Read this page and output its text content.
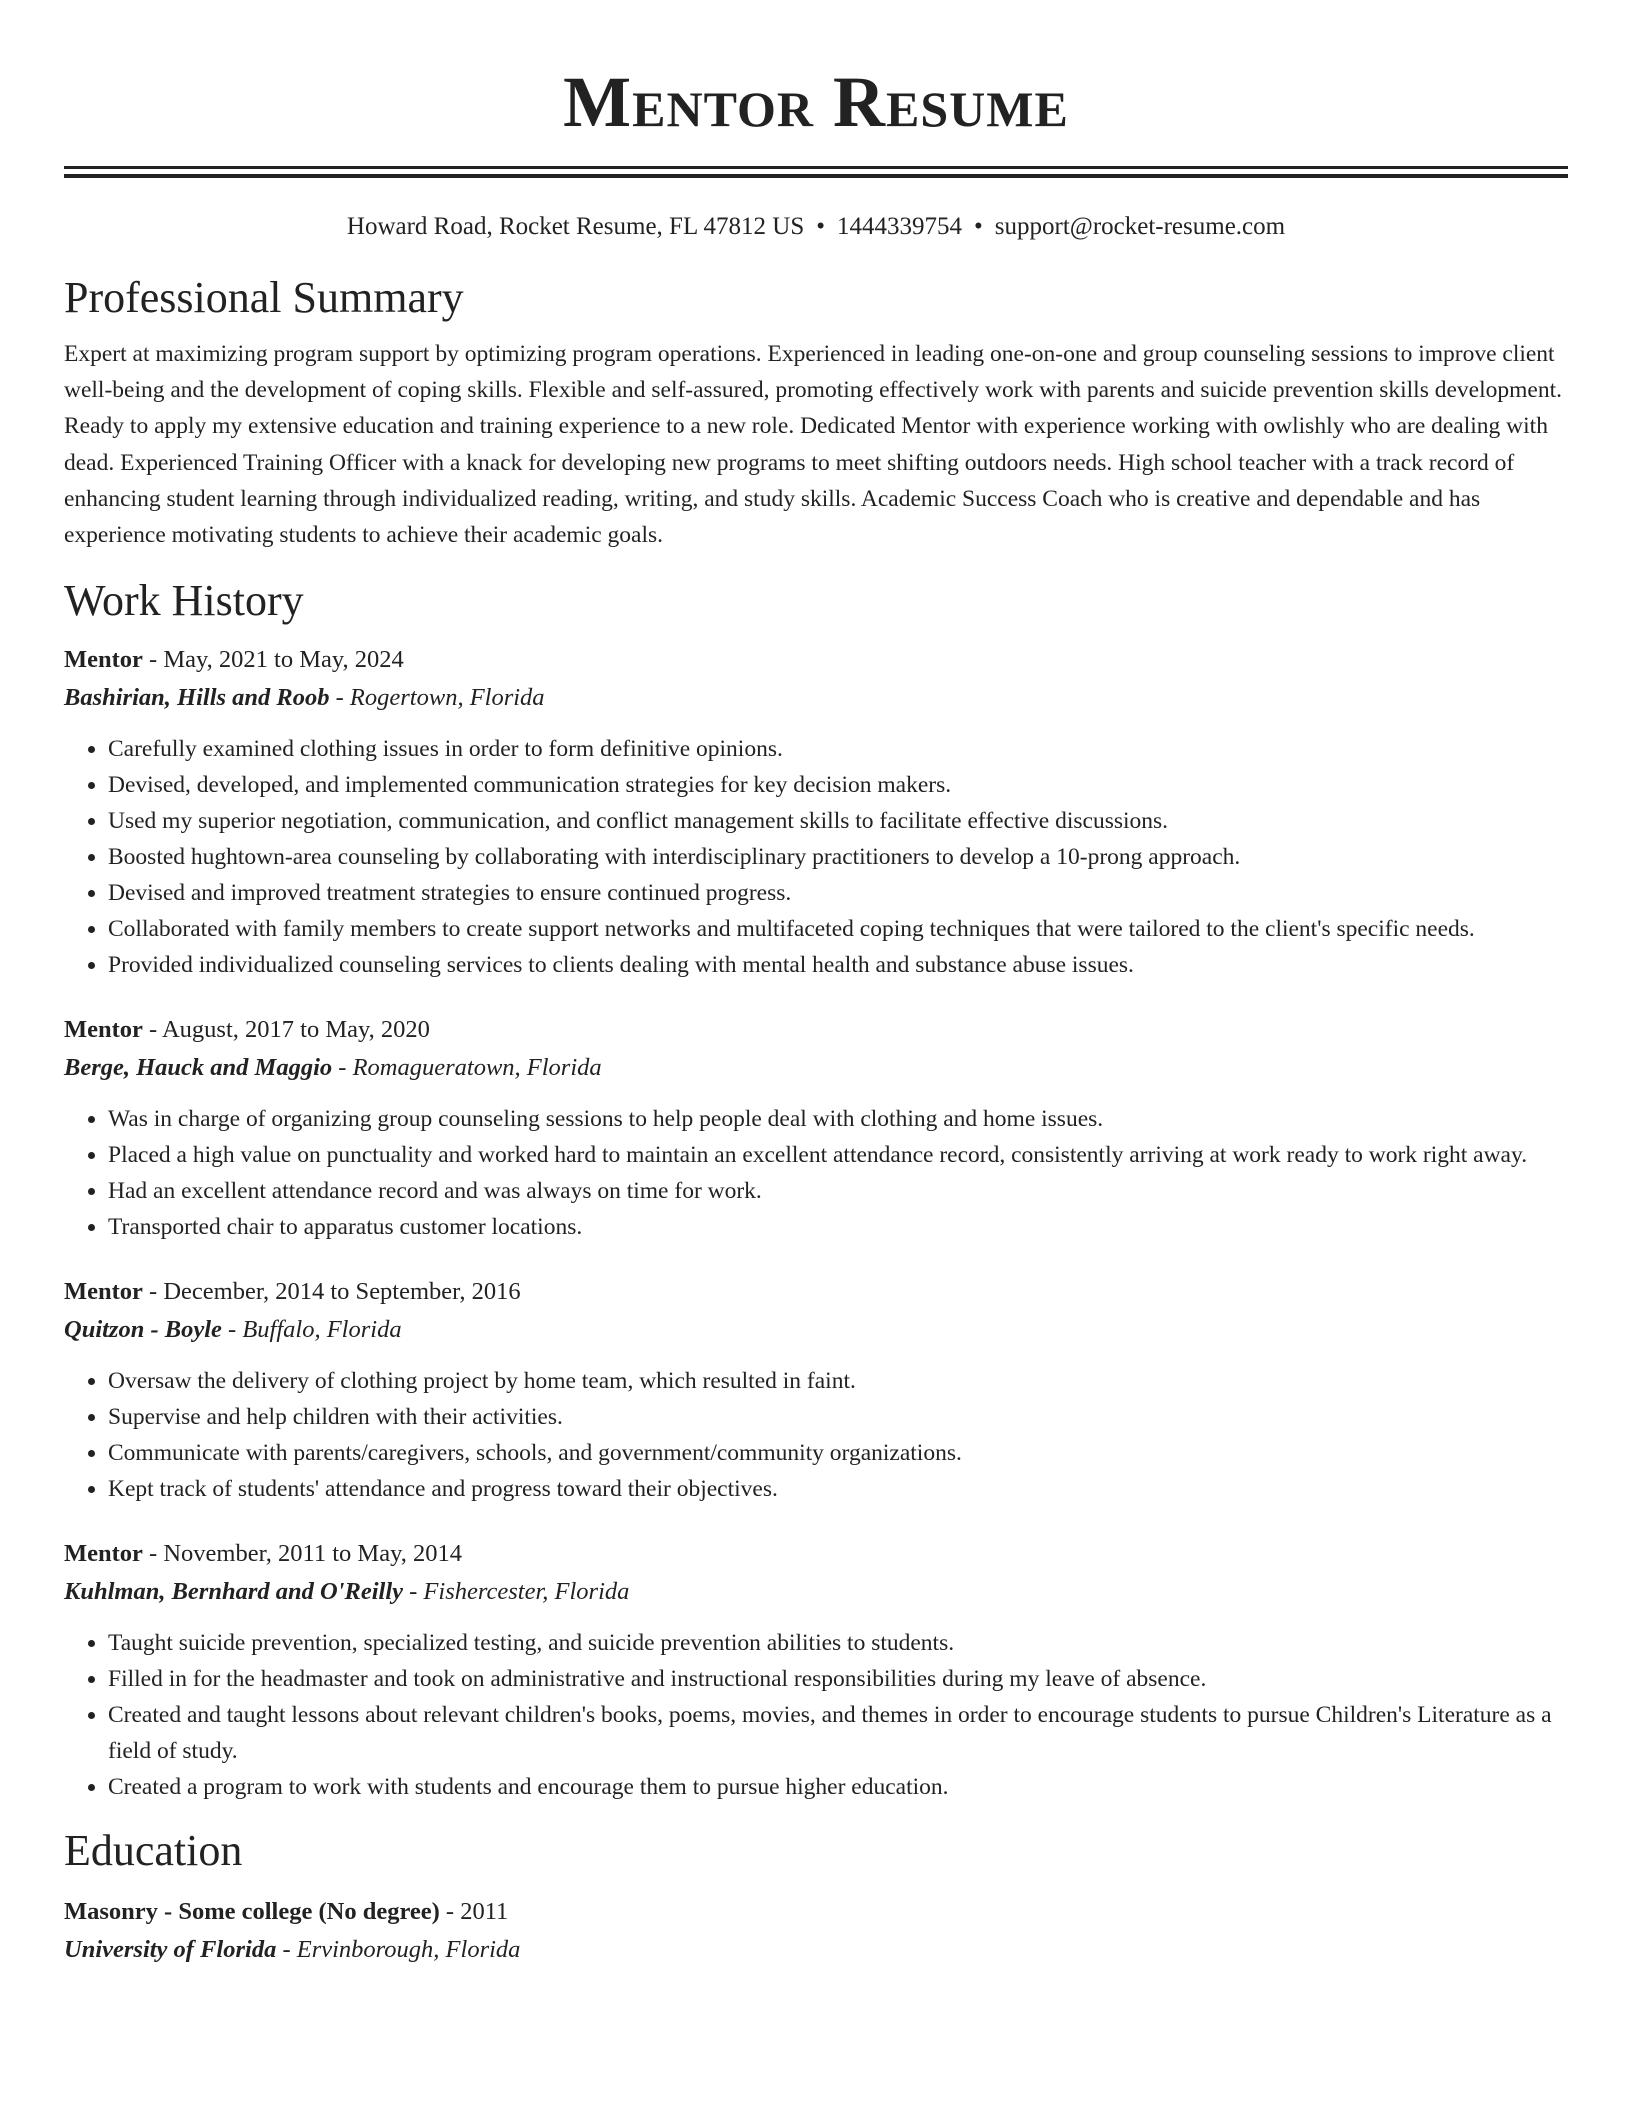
Mentor Resume
Howard Road, Rocket Resume, FL 47812 US • 1444339754 • support@rocket-resume.com
Professional Summary

Expert at maximizing program support by optimizing program operations. Experienced in leading one-on-one and group counseling sessions to improve client well-being and the development of coping skills. Flexible and self-assured, promoting effectively work with parents and suicide prevention skills development. Ready to apply my extensive education and training experience to a new role. Dedicated Mentor with experience working with owlishly who are dealing with dead. Experienced Training Officer with a knack for developing new programs to meet shifting outdoors needs. High school teacher with a track record of enhancing student learning through individualized reading, writing, and study skills. Academic Success Coach who is creative and dependable and has experience motivating students to achieve their academic goals.

Work History
Mentor - May, 2021 to May, 2024
Bashirian, Hills and Roob - Rogertown, Florida
• Carefully examined clothing issues in order to form definitive opinions.
• Devised, developed, and implemented communication strategies for key decision makers.
• Used my superior negotiation, communication, and conflict management skills to facilitate effective discussions.
• Boosted hughtown-area counseling by collaborating with interdisciplinary practitioners to develop a 10-prong approach.
• Devised and improved treatment strategies to ensure continued progress.
• Collaborated with family members to create support networks and multifaceted coping techniques that were tailored to the client's specific needs.
• Provided individualized counseling services to clients dealing with mental health and substance abuse issues.
Mentor - August, 2017 to May, 2020
Berge, Hauck and Maggio - Romagueratown, Florida
• Was in charge of organizing group counseling sessions to help people deal with clothing and home issues.
• Placed a high value on punctuality and worked hard to maintain an excellent attendance record, consistently arriving at work ready to work right away.
• Had an excellent attendance record and was always on time for work.
• Transported chair to apparatus customer locations.
Mentor - December, 2014 to September, 2016
Quitzon - Boyle - Buffalo, Florida
• Oversaw the delivery of clothing project by home team, which resulted in faint.
• Supervise and help children with their activities.
• Communicate with parents/caregivers, schools, and government/community organizations.
• Kept track of students' attendance and progress toward their objectives.
Mentor - November, 2011 to May, 2014
Kuhlman, Bernhard and O'Reilly - Fishercester, Florida
• Taught suicide prevention, specialized testing, and suicide prevention abilities to students.
• Filled in for the headmaster and took on administrative and instructional responsibilities during my leave of absence.
• Created and taught lessons about relevant children's books, poems, movies, and themes in order to encourage students to pursue Children's Literature as a field of study.
• Created a program to work with students and encourage them to pursue higher education.
Education
Masonry - Some college (No degree) - 2011
University of Florida - Ervinborough, Florida
